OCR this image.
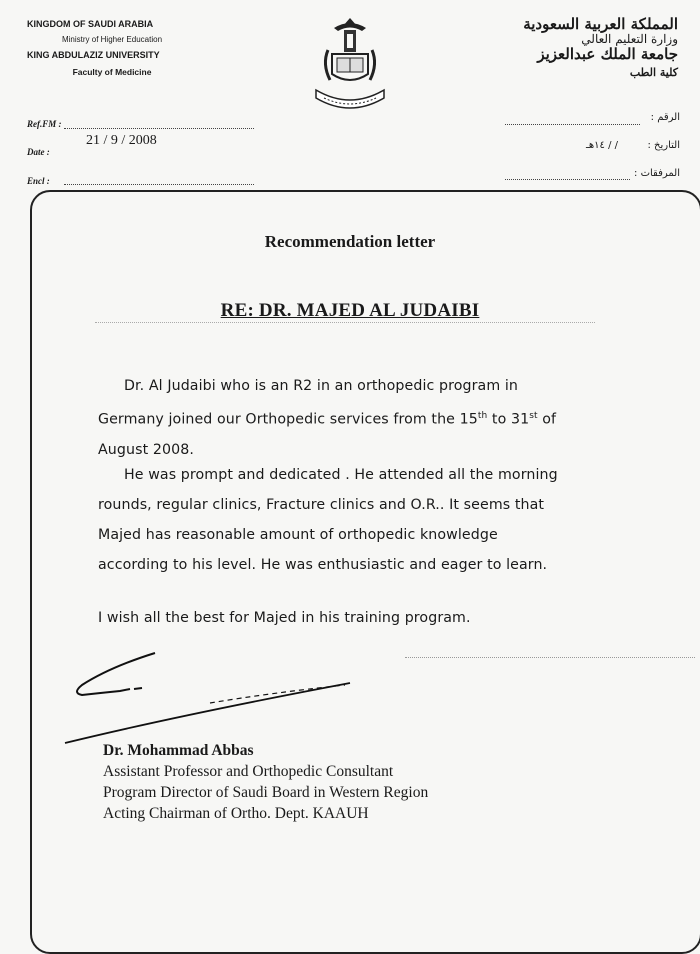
KINGDOM OF SAUDI ARABIA
Ministry of Higher Education
KING ABDULAZIZ UNIVERSITY
Faculty of Medicine
المملكة العربية السعودية
وزارة التعليم العالي
جامعة الملك عبدالعزيز
كلية الطب
Ref.FM :
Date :
21 / 9 / 2008
Encl :
الرقم :
التاريخ :
/ / ١٤هـ
المرفقات :
Recommendation letter
RE: DR. MAJED AL JUDAIBI
Dr. Al Judaibi who is an R2 in an orthopedic program in
Germany joined our Orthopedic services from the 15th to 31st of
August 2008.
He was prompt and dedicated . He attended all the morning
rounds, regular clinics, Fracture clinics and O.R.. It seems that
Majed has reasonable amount of orthopedic knowledge
according to his level. He was enthusiastic and eager to learn.
I wish all the best for Majed in his training program.
Dr. Mohammad Abbas
Assistant Professor and Orthopedic Consultant
Program Director of Saudi Board in Western Region
Acting Chairman of Ortho. Dept. KAAUH
